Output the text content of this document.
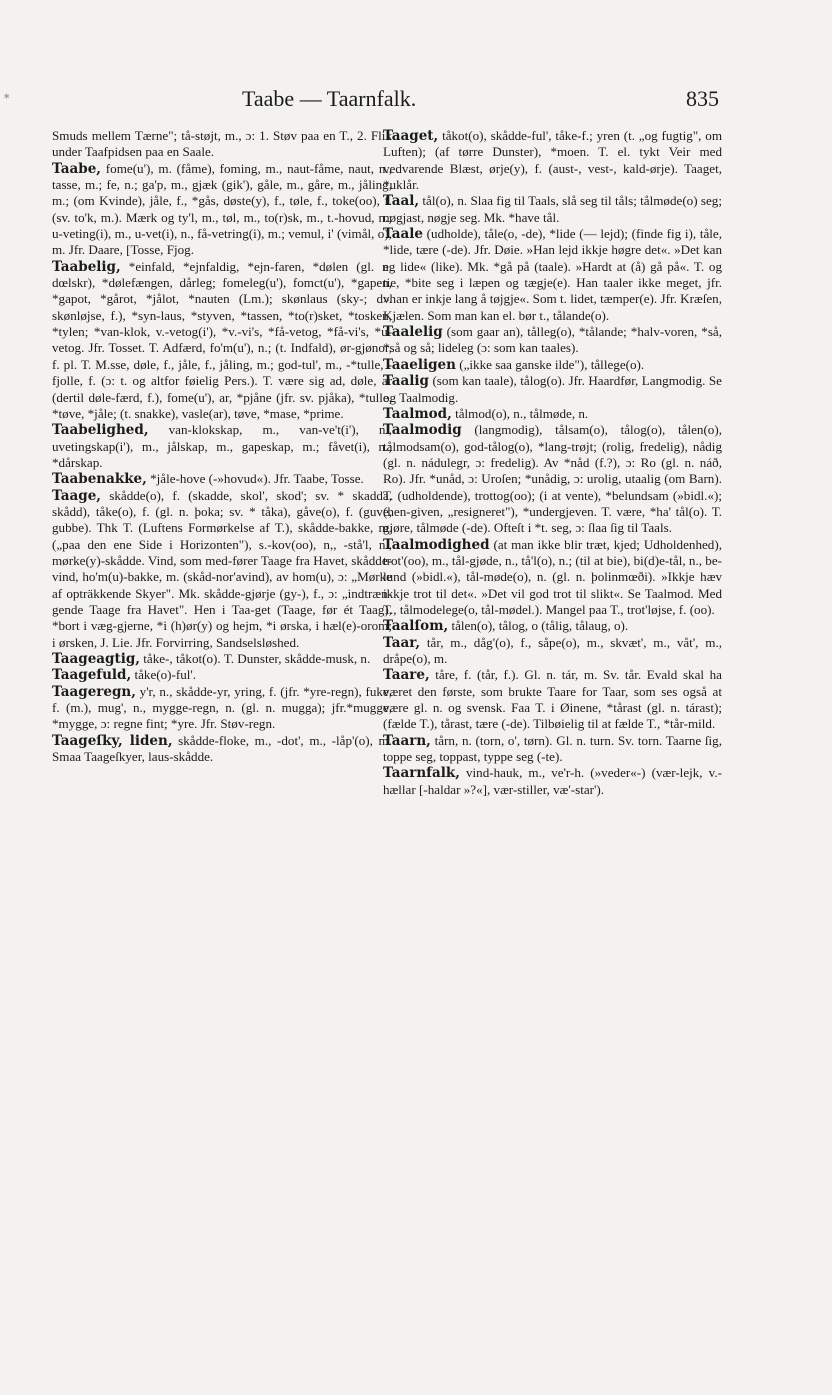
*	Taabe — Taarnfalk.	835

Smuds mellem Tærne"; tå-støjt, m., ɔ: 1. Støv paa en T., 2. Flik under Taafpidsen paa en Saale.

Taabe, fome(u'), m. (fåme), foming, m., naut-fåme, naut, n., tasse, m.; fe, n.; ga'p, m., gjæk (gik'), gåle, m., gåre, m., jåling, m.; (om Kvinde), jåle, f., *gås, døste(y), f., tøle, f., toke(oo), f. (sv. to'k, m.). Mærk og ty'l, m., tøl, m., to(r)sk, m., t.-hovud, n.; u-veting(i), m., u-vet(i), n., få-vetring(i), m.; vemul, i' (vimål, o), m. Jfr. Daare, [Tosse, Fjog.

Taabelig, *einfald, *ejnfaldig, *ejn-faren, *dølen (gl. n. dœlskr), *dølefængen, dårleg; fomeleg(u'), fomct(u'), *gapen, *gapot, *gårot, *jålot, *nauten (Lm.); skønlaus (sky-; dv. skønløjse, f.), *syn-laus, *styven, *tassen, *to(r)sket, *tosken, *tylen; *van-klok, v.-vetog(i'), *v.-vi's, *få-vetog, *få-vi's, *u-vetog. Jfr. Tosset. T. Adfærd, fo'm(u'), n.; (t. Indfald), ør-gjønor, f. pl. T. M.sse, døle, f., jåle, f., jåling, m.; god-tul', m., -*tulle, -fjolle, f. (ɔ: t. og altfor føielig Pers.). T. være sig ad, døle, ar (dertil døle-færd, f.), fome(u'), ar, *pjåne (jfr. sv. pjåka), *tulle, *tøve, *jåle; (t. snakke), vasle(ar), tøve, *mase, *prime.

Taabelighed, van-klokskap, m., van-ve't(i'), n., uvetingskap(i'), m., jålskap, m., gapeskap, m.; fåvet(i), n.; *dårskap.

Taabenakke, *jåle-hove (-»hovud«). Jfr. Taabe, Tosse.

Taage, skådde(o), f. (skadde, skol', skod'; sv. * skadda, skådd), tåke(o), f. (gl. n. þoka; sv. * tåka), gåve(o), f. (guve, gubbe). Thk T. (Luftens Formørkelse af T.), skådde-bakke, m. („paa den ene Side i Horizonten"), s.-kov(oo), n,, -stå'l, n., mørke(y)-skådde. Vind, som med-fører Taage fra Havet, skådde-vind, ho'm(u)-bakke, m. (skåd-nor'avind), av hom(u), ɔ: „Mørke af opträkkende Skyer". Mk. skådde-gjørje (gy-), f., ɔ: „indtræn-gende Taage fra Havet". Hen i Taa-get (Taage, før ét Taag), *bort i væg-gjerne, *i (h)ør(y) og hejm, *i ørska, i hæl(e)-orom; i ørsken, J. Lie. Jfr. Forvirring, Sandselsløshed.

Taageagtig, tåke-, tåkot(o). T. Dunster, skådde-musk, n.

Taagefuld, tåke(o)-ful'.

Taageregn, y'r, n., skådde-yr, yring, f. (jfr. *yre-regn), fuke, f. (m.), mug', n., mygge-regn, n. (gl. n. mugga); jfr.*mugge, *mygge, ɔ: regne fint; *yre. Jfr. Støv-regn.

Taageſky, liden, skådde-floke, m., -dot', m., -låp'(o), m. Smaa Taageſkyer, laus-skådde.

Taaget, tåkot(o), skådde-ful', tåke-f.; yren (t. „og fugtig", om Luften); (af tørre Dunster), *moen. T. el. tykt Veir med vedvarende Blæst, ørje(y), f. (aust-, vest-, kald-ørje). Taaget, *uklår.

Taal, tål(o), n. Slaa fig til Taals, slå seg til tåls; tålmøde(o) seg; nøgjast, nøgje seg. Mk. *have tål.

Taale (udholde), tåle(o, -de), *lide (— lejd); (finde fig i), tåle, *lide, tære (-de). Jfr. Døie. »Han lejd ikkje høgre det«. »Det kan eg lide« (like). Mk. *gå på (taale). »Hardt at (å) gå på«. T. og tie, *bite seg i læpen og tægje(e). Han taaler ikke meget, jfr. »han er inkje lang å tøjgje«. Som t. lidet, tæmper(e). Jfr. Kræſen, Kjælen. Som man kan el. bør t., tålande(o).

Taalelig (som gaar an), tålleg(o), *tålande; *halv-voren, *så, *så og så; lideleg (ɔ: som kan taales).

Taaeligen („ikke saa ganske ilde"), tållege(o).

Taalig (som kan taale), tålog(o). Jfr. Haardfør, Langmodig. Se og Taalmodig.

Taalmod, tålmod(o), n., tålmøde, n.

Taalmodig (langmodig), tålsam(o), tålog(o), tålen(o), tålmodsam(o), god-tålog(o), *lang-trøjt; (rolig, fredelig), nådig (gl. n. nádulegr, ɔ: fredelig). Av *nåd (f.?), ɔ: Ro (gl. n. náð, Ro). Jfr. *unåd, ɔ: Uroſen; *unådig, ɔ: urolig, utaalig (om Barn). T. (udholdende), trottog(oo); (i at vente), *belundsam (»bidl.«); (hen-given, „resigneret"), *undergjeven. T. være, *ha' tål(o). T. gjøre, tålmøde (-de). Ofteſt i *t. seg, ɔ: ſlaa ſig til Taals.

Taalmodighed (at man ikke blir træt, kjed; Udholdenhed), trot'(oo), m., tål-gjøde, n., tå'l(o), n.; (til at bie), bi(d)e-tål, n., be-lund (»bidl.«), tål-møde(o), n. (gl. n. þolinmœði). »Ikkje hæv ikkje trot til det«. »Det vil god trot til slikt«. Se Taalmod. Med T., tålmodelege(o, tål-mødel.). Mangel paa T., trot'løjse, f. (oo).

Taalſom, tålen(o), tålog, o (tålig, tålaug, o).

Taar, tår, m., dåg'(o), f., såpe(o), m., skvæt', m., våt', m., dråpe(o), m.

Taare, tåre, f. (tår, f.). Gl. n. tár, m. Sv. tår. Evald skal ha været den første, som brukte Taare for Taar, som ses også at være gl. n. og svensk. Faa T. i Øinene, *tårast (gl. n. tárast); (fælde T.), tårast, tære (-de). Tilbøielig til at fælde T., *tår-mild.

Taarn, tårn, n. (torn, o', tørn). Gl. n. turn. Sv. torn. Taarne ſig, toppe seg, toppast, typpe seg (-te).

Taarnfalk, vind-hauk, m., ve'r-h. (»veder«-) (vær-lejk, v.-hællar [-haldar »?«], vær-stiller, væ'-star').
